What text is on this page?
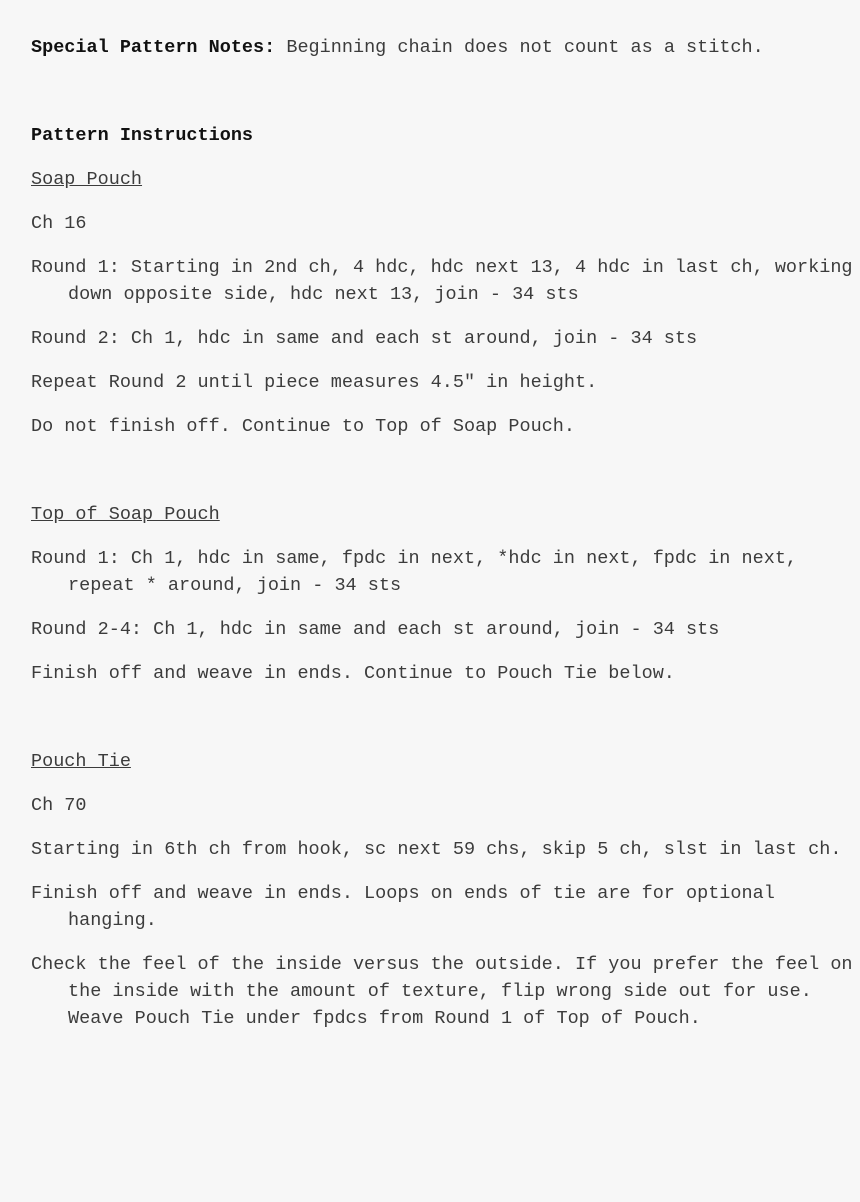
Special Pattern Notes: Beginning chain does not count as a stitch.

Pattern Instructions

Soap Pouch

Ch 16

Round 1: Starting in 2nd ch, 4 hdc, hdc next 13, 4 hdc in last ch, working down opposite side, hdc next 13, join - 34 sts

Round 2: Ch 1, hdc in same and each st around, join - 34 sts

Repeat Round 2 until piece measures 4.5" in height.

Do not finish off. Continue to Top of Soap Pouch.

Top of Soap Pouch

Round 1: Ch 1, hdc in same, fpdc in next, *hdc in next, fpdc in next, repeat * around, join - 34 sts

Round 2-4: Ch 1, hdc in same and each st around, join - 34 sts

Finish off and weave in ends. Continue to Pouch Tie below.

Pouch Tie

Ch 70

Starting in 6th ch from hook, sc next 59 chs, skip 5 ch, slst in last ch.

Finish off and weave in ends. Loops on ends of tie are for optional hanging.

Check the feel of the inside versus the outside. If you prefer the feel on the inside with the amount of texture, flip wrong side out for use. Weave Pouch Tie under fpdcs from Round 1 of Top of Pouch.
